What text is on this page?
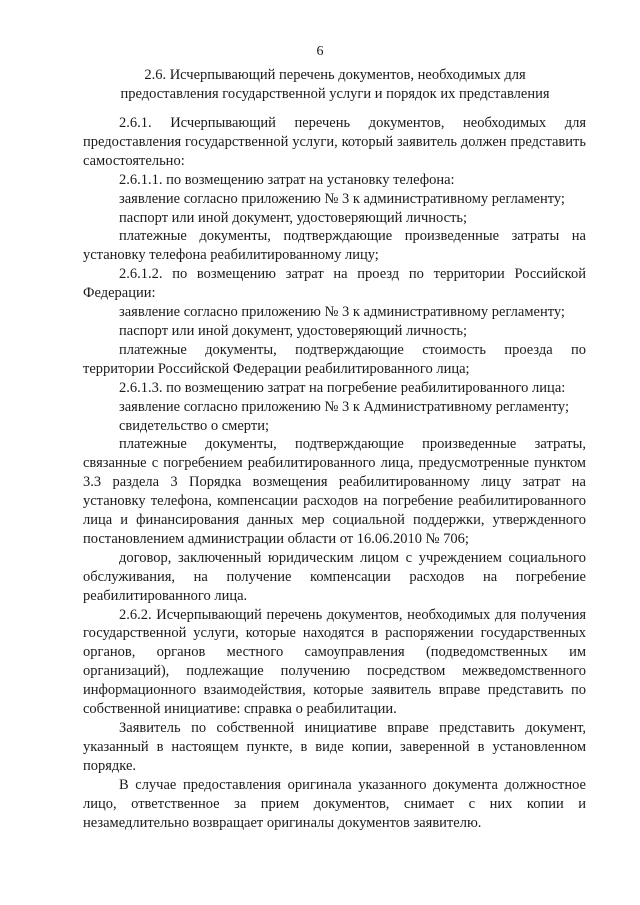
6
2.6. Исчерпывающий перечень документов, необходимых для предоставления государственной услуги и порядок их представления

2.6.1. Исчерпывающий перечень документов, необходимых для предоставления государственной услуги, который заявитель должен представить самостоятельно:

2.6.1.1. по возмещению затрат на установку телефона:

заявление согласно приложению № 3 к административному регламенту;

паспорт или иной документ, удостоверяющий личность;

платежные документы, подтверждающие произведенные затраты на установку телефона реабилитированному лицу;

2.6.1.2. по возмещению затрат на проезд по территории Российской Федерации:

заявление согласно приложению № 3 к административному регламенту;

паспорт или иной документ, удостоверяющий личность;

платежные документы, подтверждающие стоимость проезда по территории Российской Федерации реабилитированного лица;

2.6.1.3. по возмещению затрат на погребение реабилитированного лица:

заявление согласно приложению № 3 к Административному регламенту;

свидетельство о смерти;

платежные документы, подтверждающие произведенные затраты, связанные с погребением реабилитированного лица, предусмотренные пунктом 3.3 раздела 3 Порядка возмещения реабилитированному лицу затрат на установку телефона, компенсации расходов на погребение реабилитированного лица и финансирования данных мер социальной поддержки, утвержденного постановлением администрации области от 16.06.2010 № 706;

договор, заключенный юридическим лицом с учреждением социального обслуживания, на получение компенсации расходов на погребение реабилитированного лица.

2.6.2. Исчерпывающий перечень документов, необходимых для получения государственной услуги, которые находятся в распоряжении государственных органов, органов местного самоуправления (подведомственных им организаций), подлежащие получению посредством межведомственного информационного взаимодействия, которые заявитель вправе представить по собственной инициативе: справка о реабилитации.

Заявитель по собственной инициативе вправе представить документ, указанный в настоящем пункте, в виде копии, заверенной в установленном порядке.

В случае предоставления оригинала указанного документа должностное лицо, ответственное за прием документов, снимает с них копии и незамедлительно возвращает оригиналы документов заявителю.
